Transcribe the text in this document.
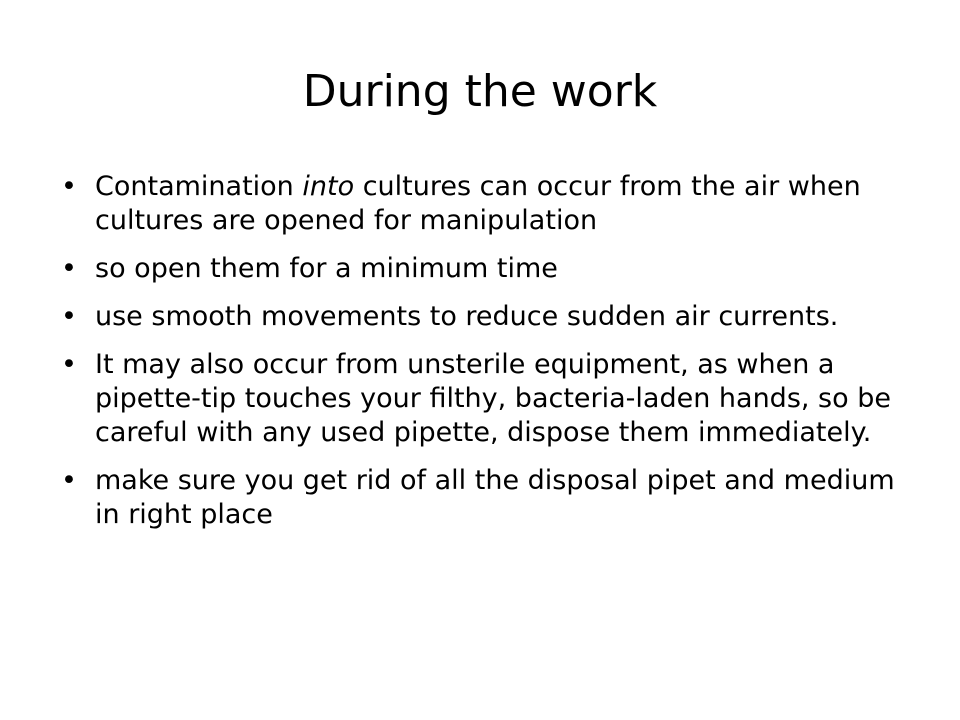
During the work
• Contamination into cultures can occur from the air when cultures are opened for manipulation
• so open them for a minimum time
• use smooth movements to reduce sudden air currents.
• It may also occur from unsterile equipment, as when a pipette-tip touches your filthy, bacteria-laden hands, so be careful with any used pipette, dispose them immediately.
• make sure you get rid of all the disposal pipet and medium in right place
